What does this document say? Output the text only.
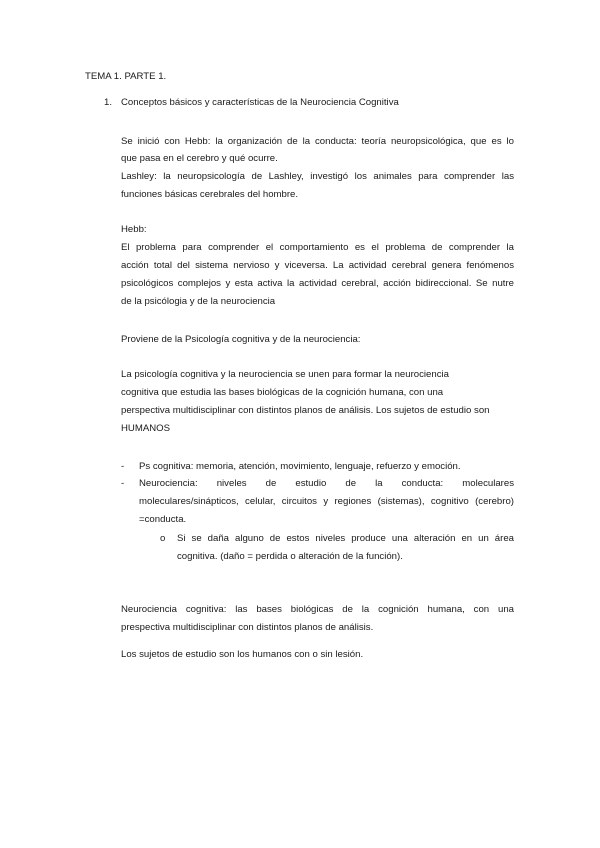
TEMA 1. PARTE 1.
1. Conceptos básicos y características de la Neurociencia Cognitiva
Se inició con Hebb: la organización de la conducta: teoría neuropsicológica, que es lo
que pasa en el cerebro y qué ocurre.
Lashley: la neuropsicología de Lashley, investigó los animales para comprender las
funciones básicas cerebrales del hombre.
Hebb:
El problema para comprender el comportamiento es el problema de comprender la
acción total del sistema nervioso y viceversa. La actividad cerebral genera fenómenos
psicológicos complejos y esta activa la actividad cerebral, acción bidireccional. Se nutre
de la psicólogia y de la neurociencia
Proviene de la Psicología cognitiva y de la neurociencia:
La psicología cognitiva y la neurociencia se unen para formar la neurociencia
cognitiva que estudia las bases biológicas de la cognición humana, con una
perspectiva multidisciplinar con distintos planos de análisis. Los sujetos de estudio son
HUMANOS
- Ps cognitiva: memoria, atención, movimiento, lenguaje, refuerzo y emoción.
- Neurociencia: niveles de estudio de la conducta: moleculares
moleculares/sinápticos, celular, circuitos y regiones (sistemas), cognitivo (cerebro)
=conducta.
o Si se daña alguno de estos niveles produce una alteración en un área
cognitiva. (daño = perdida o alteración de la función).
Neurociencia cognitiva: las bases biológicas de la cognición humana, con una
prespectiva multidisciplinar con distintos planos de análisis.
Los sujetos de estudio son los humanos con o sin lesión.
